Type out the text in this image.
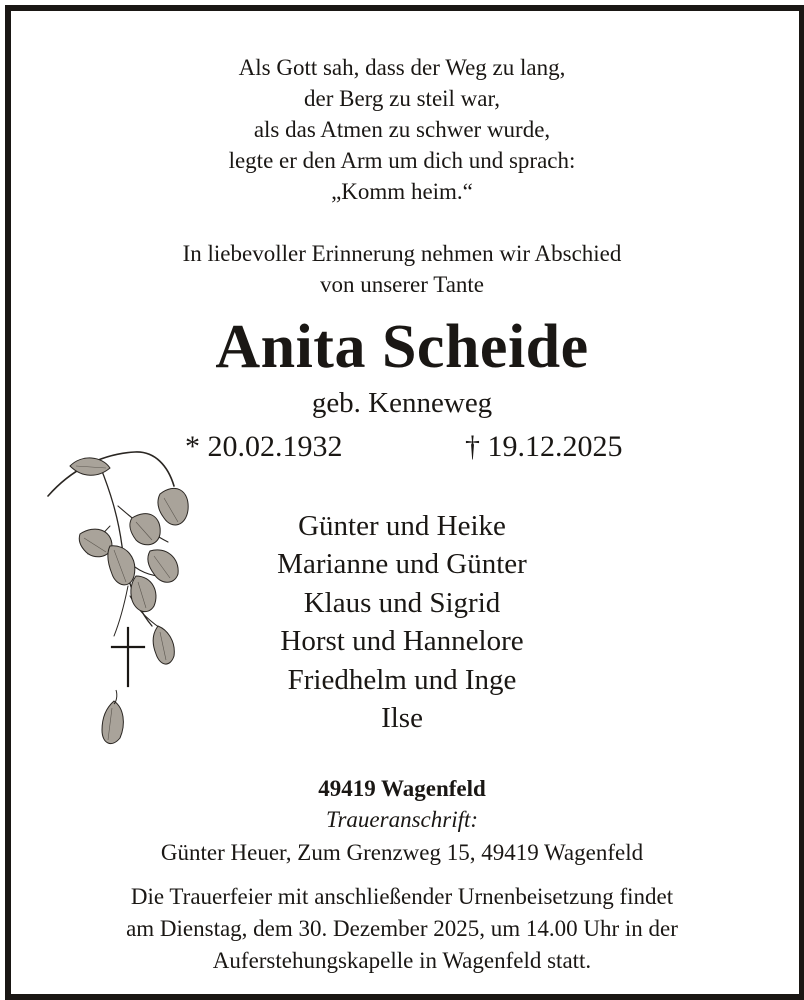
Als Gott sah, dass der Weg zu lang,
der Berg zu steil war,
als das Atmen zu schwer wurde,
legte er den Arm um dich und sprach:
„Komm heim.“
In liebevoller Erinnerung nehmen wir Abschied
von unserer Tante
Anita Scheide
geb. Kenneweg
* 20.02.1932	† 19.12.2025
Günter und Heike
Marianne und Günter
Klaus und Sigrid
Horst und Hannelore
Friedhelm und Inge
Ilse
49419 Wagenfeld
Traueranschrift:
Günter Heuer, Zum Grenzweg 15, 49419 Wagenfeld
Die Trauerfeier mit anschließender Urnenbeisetzung findet
am Dienstag, dem 30. Dezember 2025, um 14.00 Uhr in der
Auferstehungskapelle in Wagenfeld statt.
